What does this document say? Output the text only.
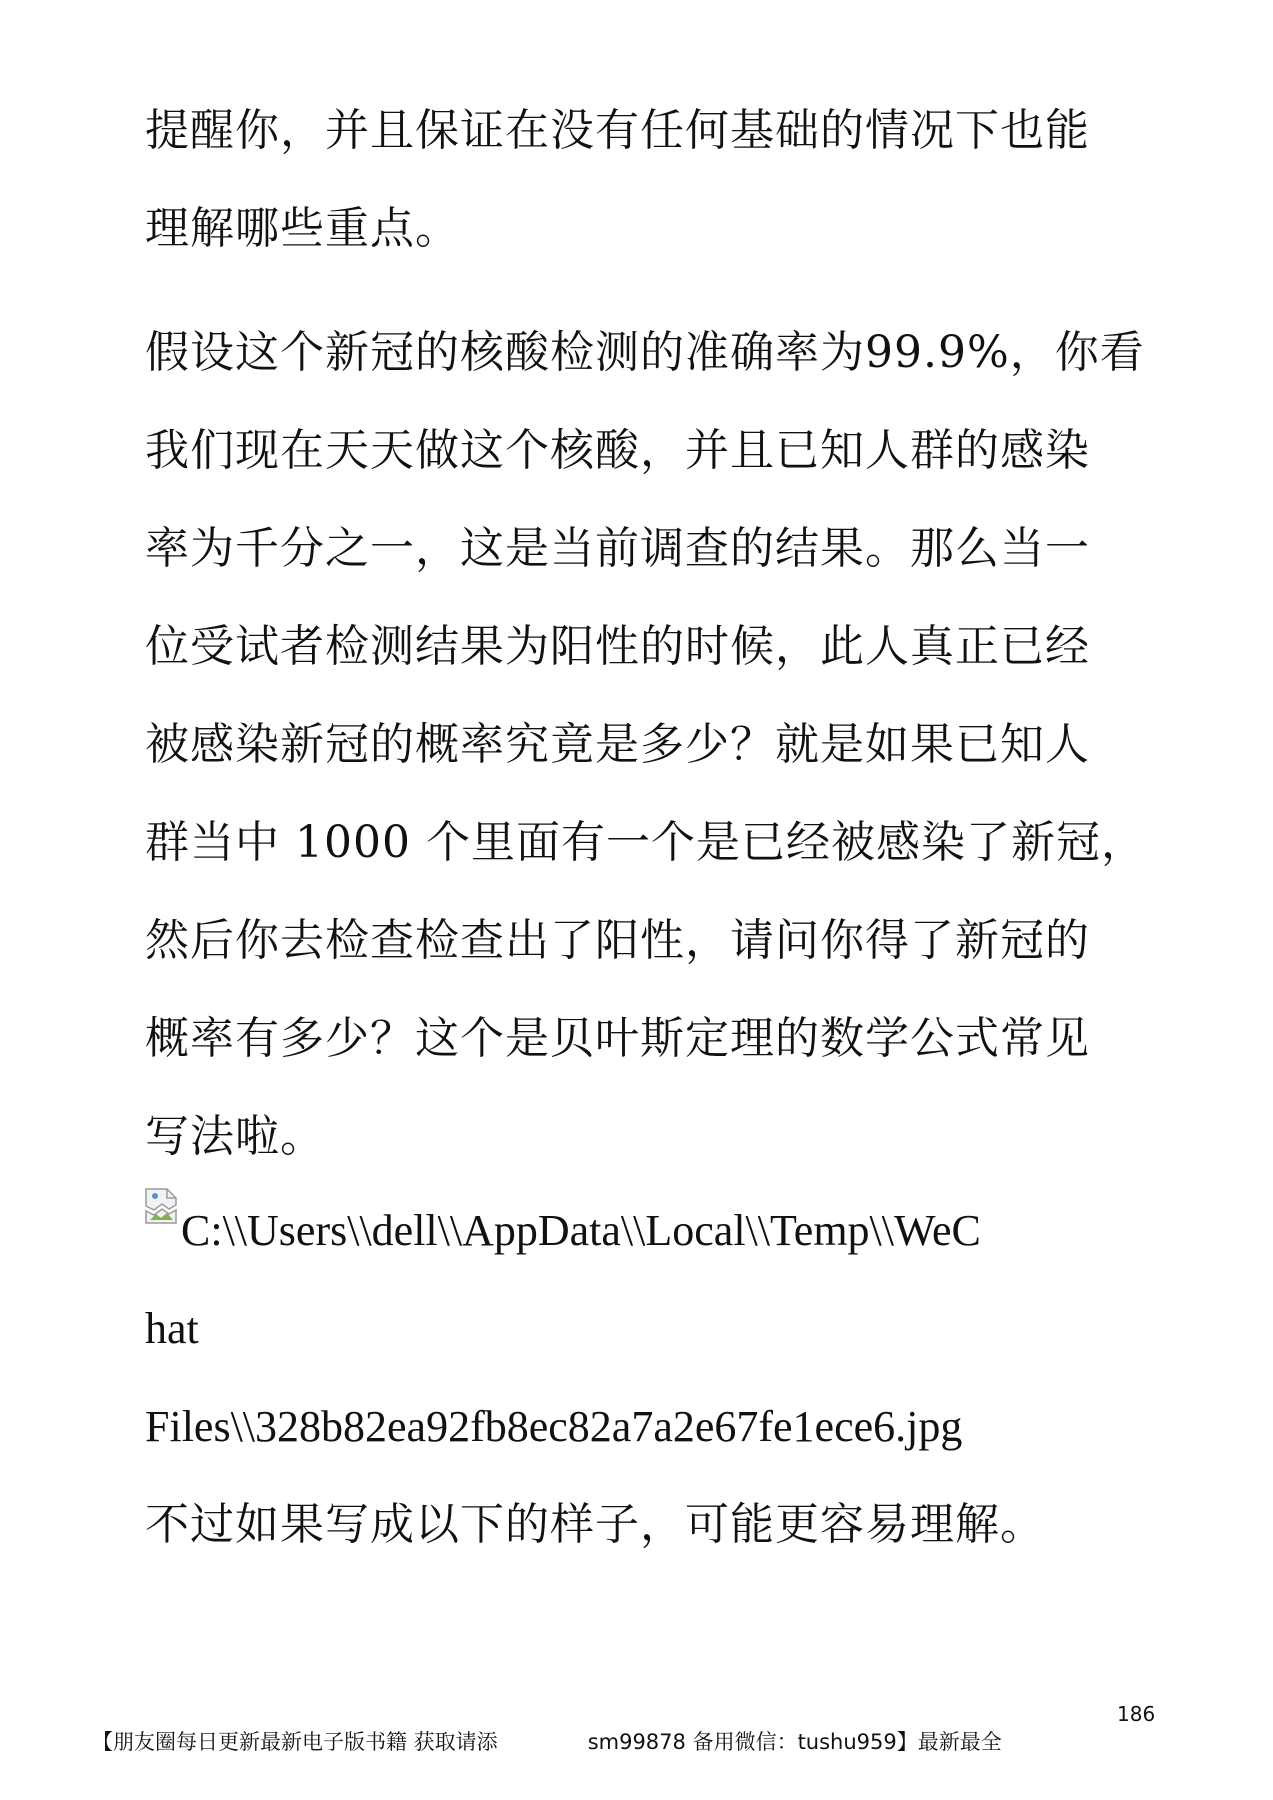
提醒你，并且保证在没有任何基础的情况下也能
理解哪些重点。

假设这个新冠的核酸检测的准确率为99.9%，你看
我们现在天天做这个核酸，并且已知人群的感染
率为千分之一，这是当前调查的结果。那么当一
位受试者检测结果为阳性的时候，此人真正已经
被感染新冠的概率究竟是多少？就是如果已知人
群当中 1000 个里面有一个是已经被感染了新冠，
然后你去检查检查出了阳性，请问你得了新冠的
概率有多少？这个是贝叶斯定理的数学公式常见
写法啦。

C:\\Users\\dell\\AppData\\Local\\Temp\\WeC
hat
Files\\328b82ea92fb8ec82a7a2e67fe1ece6.jpg

不过如果写成以下的样子，可能更容易理解。

186
【朋友圈每日更新最新电子版书籍 获取请添	sm99878 备用微信：tushu959】最新最全
